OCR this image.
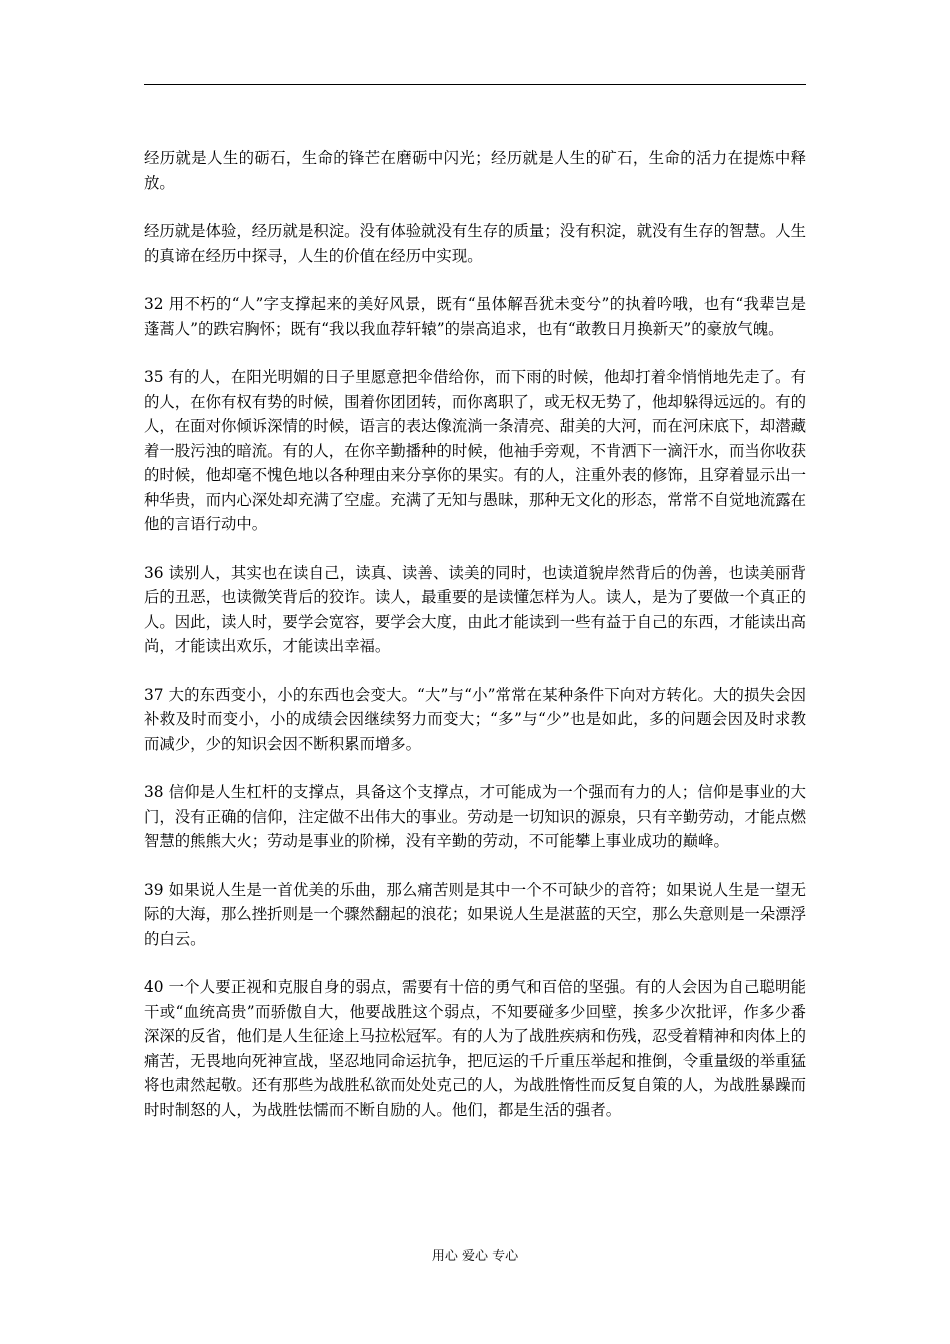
经历就是人生的砺石，生命的锋芒在磨砺中闪光；经历就是人生的矿石，生命的活力在提炼中释放。

经历就是体验，经历就是积淀。没有体验就没有生存的质量；没有积淀，就没有生存的智慧。人生的真谛在经历中探寻，人生的价值在经历中实现。

32 用不朽的“人”字支撑起来的美好风景，既有“虽体解吾犹未变兮”的执着吟哦，也有“我辈岂是蓬蒿人”的跌宕胸怀；既有“我以我血荐轩辕”的崇高追求，也有“敢教日月换新天”的豪放气魄。

35 有的人，在阳光明媚的日子里愿意把伞借给你，而下雨的时候，他却打着伞悄悄地先走了。有的人，在你有权有势的时候，围着你团团转，而你离职了，或无权无势了，他却躲得远远的。有的人，在面对你倾诉深情的时候，语言的表达像流淌一条清亮、甜美的大河，而在河床底下，却潜藏着一股污浊的暗流。有的人，在你辛勤播种的时候，他袖手旁观，不肯洒下一滴汗水，而当你收获的时候，他却毫不愧色地以各种理由来分享你的果实。有的人，注重外表的修饰，且穿着显示出一种华贵，而内心深处却充满了空虚。充满了无知与愚昧，那种无文化的形态，常常不自觉地流露在他的言语行动中。

36 读别人，其实也在读自己，读真、读善、读美的同时，也读道貌岸然背后的伪善，也读美丽背后的丑恶，也读微笑背后的狡诈。读人，最重要的是读懂怎样为人。读人，是为了要做一个真正的人。因此，读人时，要学会宽容，要学会大度，由此才能读到一些有益于自己的东西，才能读出高尚，才能读出欢乐，才能读出幸福。

37 大的东西变小，小的东西也会变大。“大”与“小”常常在某种条件下向对方转化。大的损失会因补救及时而变小，小的成绩会因继续努力而变大；“多”与“少”也是如此，多的问题会因及时求教而减少，少的知识会因不断积累而增多。

38 信仰是人生杠杆的支撑点，具备这个支撑点，才可能成为一个强而有力的人；信仰是事业的大门，没有正确的信仰，注定做不出伟大的事业。劳动是一切知识的源泉，只有辛勤劳动，才能点燃智慧的熊熊大火；劳动是事业的阶梯，没有辛勤的劳动，不可能攀上事业成功的巅峰。

39 如果说人生是一首优美的乐曲，那么痛苦则是其中一个不可缺少的音符；如果说人生是一望无际的大海，那么挫折则是一个骤然翻起的浪花；如果说人生是湛蓝的天空，那么失意则是一朵漂浮的白云。

40 一个人要正视和克服自身的弱点，需要有十倍的勇气和百倍的坚强。有的人会因为自己聪明能干或“血统高贵”而骄傲自大，他要战胜这个弱点，不知要碰多少回壁，挨多少次批评，作多少番深深的反省，他们是人生征途上马拉松冠军。有的人为了战胜疾病和伤残，忍受着精神和肉体上的痛苦，无畏地向死神宣战，坚忍地同命运抗争，把厄运的千斤重压举起和推倒，令重量级的举重猛将也肃然起敬。还有那些为战胜私欲而处处克己的人，为战胜惰性而反复自策的人，为战胜暴躁而时时制怒的人，为战胜怯懦而不断自励的人。他们，都是生活的强者。

用心 爱心 专心
